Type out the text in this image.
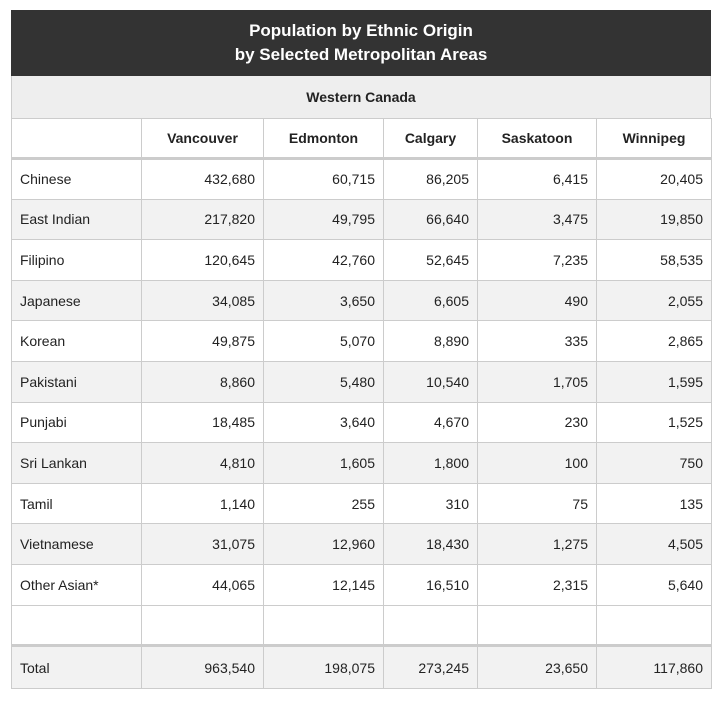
Population by Ethnic Origin
by Selected Metropolitan Areas
Western Canada
	Vancouver	Edmonton	Calgary	Saskatoon	Winnipeg
Chinese	432,680	60,715	86,205	6,415	20,405
East Indian	217,820	49,795	66,640	3,475	19,850
Filipino	120,645	42,760	52,645	7,235	58,535
Japanese	34,085	3,650	6,605	490	2,055
Korean	49,875	5,070	8,890	335	2,865
Pakistani	8,860	5,480	10,540	1,705	1,595
Punjabi	18,485	3,640	4,670	230	1,525
Sri Lankan	4,810	1,605	1,800	100	750
Tamil	1,140	255	310	75	135
Vietnamese	31,075	12,960	18,430	1,275	4,505
Other Asian*	44,065	12,145	16,510	2,315	5,640

Total	963,540	198,075	273,245	23,650	117,860
